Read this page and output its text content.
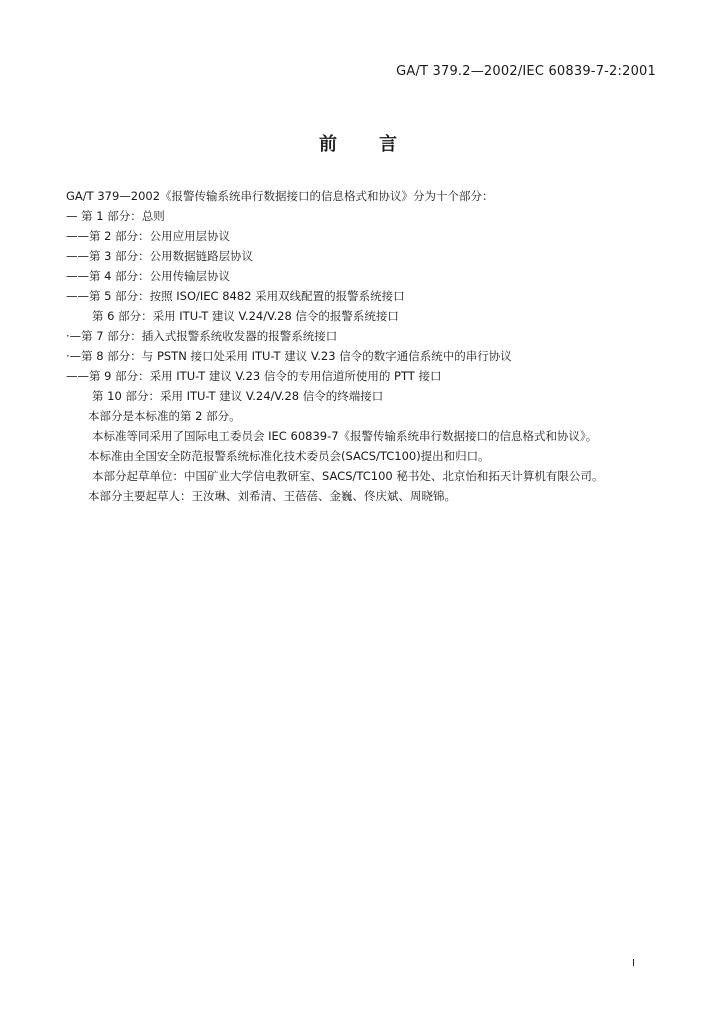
GA/T 379.2—2002/IEC 60839-7-2:2001
前言
GA/T 379—2002《报警传输系统串行数据接口的信息格式和协议》分为十个部分：
— 第 1 部分：总则
——第 2 部分：公用应用层协议
——第 3 部分：公用数据链路层协议
——第 4 部分：公用传输层协议
——第 5 部分：按照 ISO/IEC 8482 采用双线配置的报警系统接口
第 6 部分：采用 ITU-T 建议 V.24/V.28 信令的报警系统接口
·—第 7 部分：插入式报警系统收发器的报警系统接口
·—第 8 部分：与 PSTN 接口处采用 ITU-T 建议 V.23 信令的数字通信系统中的串行协议
——第 9 部分：采用 ITU-T 建议 V.23 信令的专用信道所使用的 PTT 接口
第 10 部分：采用 ITU-T 建议 V.24/V.28 信令的终端接口
本部分是本标准的第 2 部分。
本标准等同采用了国际电工委员会 IEC 60839-7《报警传输系统串行数据接口的信息格式和协议》。
本标准由全国安全防范报警系统标准化技术委员会(SACS/TC100)提出和归口。
本部分起草单位：中国矿业大学信电教研室、SACS/TC100 秘书处、北京怡和拓天计算机有限公司。
本部分主要起草人：王汝琳、刘希清、王蓓蓓、金巍、佟庆斌、周晓锦。
I
